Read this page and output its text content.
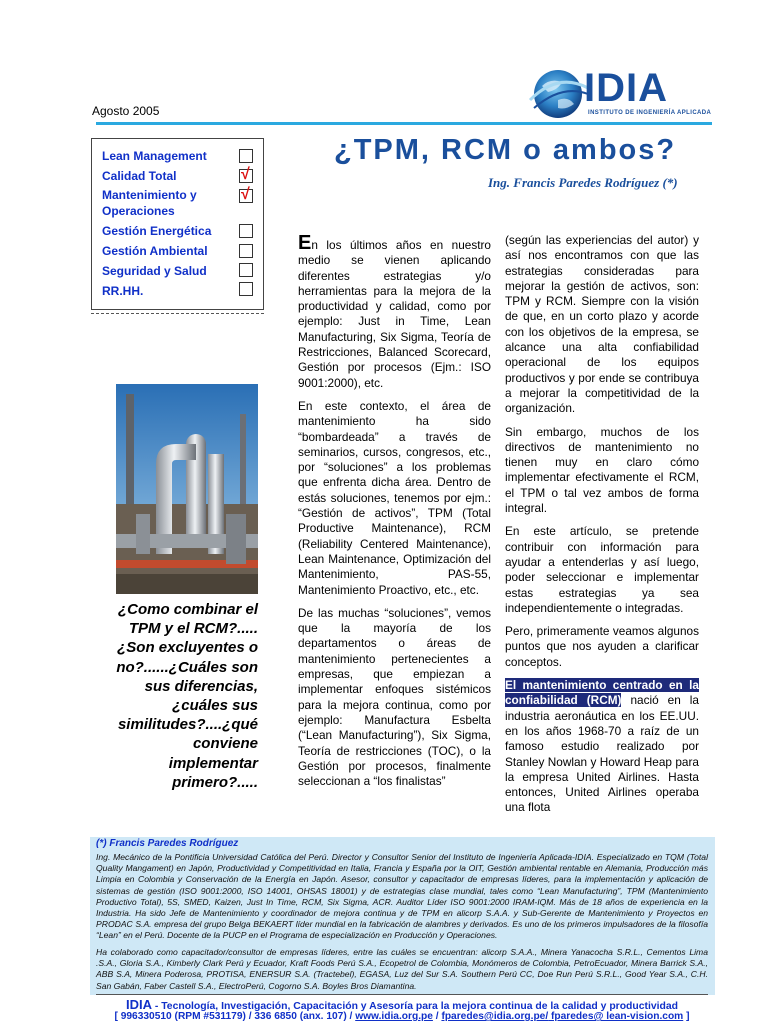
Agosto 2005
IDIA
INSTITUTO DE INGENIERÍA APLICADA
Lean Management
Calidad Total	√
Mantenimiento y Operaciones
√
Gestión Energética
Gestión Ambiental
Seguridad y Salud
RR.HH.
¿TPM, RCM o ambos?
Ing. Francis Paredes Rodríguez (*)
¿Como combinar el TPM y el RCM?.....¿Son excluyentes o no?......¿Cuáles son sus diferencias, ¿cuáles sus similitudes?....¿qué conviene implementar primero?.....

En los últimos años en nuestro medio se vienen aplicando diferentes estrategias y/o herramientas para la mejora de la productividad y calidad, como por ejemplo: Just in Time, Lean Manufacturing, Six Sigma, Teoría de Restricciones, Balanced Scorecard, Gestión por procesos (Ejm.: ISO 9001:2000), etc.

En este contexto, el área de mantenimiento ha sido “bombardeada” a través de seminarios, cursos, congresos, etc., por “soluciones” a los problemas que enfrenta dicha área. Dentro de estás soluciones, tenemos por ejm.: “Gestión de activos”, TPM (Total Productive Maintenance), RCM (Reliability Centered Maintenance), Lean Maintenance, Optimización del Mantenimiento, PAS-55, Mantenimiento Proactivo, etc., etc.

De las muchas “soluciones”, vemos que la mayoría de los departamentos o áreas de mantenimiento pertenecientes a empresas, que empiezan a implementar enfoques sistémicos para la mejora continua, como por ejemplo: Manufactura Esbelta (“Lean Manufacturing”), Six Sigma, Teoría de restricciones (TOC), o la Gestión por procesos, finalmente seleccionan a “los finalistas”

(según las experiencias del autor) y así nos encontramos con que las estrategias consideradas para mejorar la gestión de activos, son: TPM y RCM. Siempre con la visión de que, en un corto plazo y acorde con los objetivos de la empresa, se alcance una alta confiabilidad operacional de los equipos productivos y por ende se contribuya a mejorar la competitividad de la organización.

Sin embargo, muchos de los directivos de mantenimiento no tienen muy en claro cómo implementar efectivamente el RCM, el TPM o tal vez ambos de forma integral.

En este artículo, se pretende contribuir con información para ayudar a entenderlas y así luego, poder seleccionar e implementar estas estrategias ya sea independientemente o integradas.

Pero, primeramente veamos algunos puntos que nos ayuden a clarificar conceptos.

El mantenimiento centrado en la confiabilidad (RCM) nació en la industria aeronáutica en los EE.UU. en los años 1968-70 a raíz de un famoso estudio realizado por Stanley Nowlan y Howard Heap para la empresa United Airlines. Hasta entonces, United Airlines operaba una flota

(*) Francis Paredes Rodríguez
Ing. Mecánico de la Pontificia Universidad Católica del Perú. Director y Consultor Senior del Instituto de Ingeniería Aplicada-IDIA. Especializado en TQM (Total Quality Mangament) en Japón, Productividad y Competitividad en Italia, Francia y España por la OIT, Gestión ambiental rentable en Alemania, Producción más Limpia en Colombia y Conservación de la Energía en Japón. Asesor, consultor y capacitador de empresas líderes, para la implementación y aplicación de sistemas de gestión (ISO 9001:2000, ISO 14001, OHSAS 18001) y de estrategias clase mundial, tales como “Lean Manufacturing”, TPM (Mantenimiento Productivo Total), 5S, SMED, Kaizen, Just In Time, RCM, Six Sigma, ACR. Auditor Líder ISO 9001:2000 IRAM-IQM. Más de 18 años de experiencia en la Industria. Ha sido Jefe de Mantenimiento y coordinador de mejora continua y de TPM en alicorp S.A.A. y Sub-Gerente de Mantenimiento y Proyectos en PRODAC S.A. empresa del grupo Belga BEKAERT líder mundial en la fabricación de alambres y derivados. Es uno de los primeros impulsadores de la filosofía “Lean” en el Perú. Docente de la PUCP en el Programa de especialización en Producción y Operaciones.
Ha colaborado como capacitador/consultor de empresas líderes, entre las cuáles se encuentran: alicorp S.A.A., Minera Yanacocha S.R.L., Cementos Lima .S.A., Gloria S.A., Kimberly Clark Perú y Ecuador, Kraft Foods Perú S.A., Ecopetrol de Colombia, Monómeros de Colombia, PetroEcuador, Minera Barrick S.A., ABB S.A, Minera Poderosa, PROTISA, ENERSUR S.A. (Tractebel), EGASA, Luz del Sur S.A. Southern Perú CC, Doe Run Perú S.R.L., Good Year S.A., C.H. San Gabán, Faber Castell S.A., ElectroPerú, Cogorno S.A. Boyles Bros Diamantina.
IDIA - Tecnología, Investigación, Capacitación y Asesoría para la mejora continua de la calidad y productividad
[ 996330510 (RPM #531179) / 336 6850 (anx. 107) / www.idia.org.pe / fparedes@idia.org.pe/ fparedes@ lean-vision.com ]
